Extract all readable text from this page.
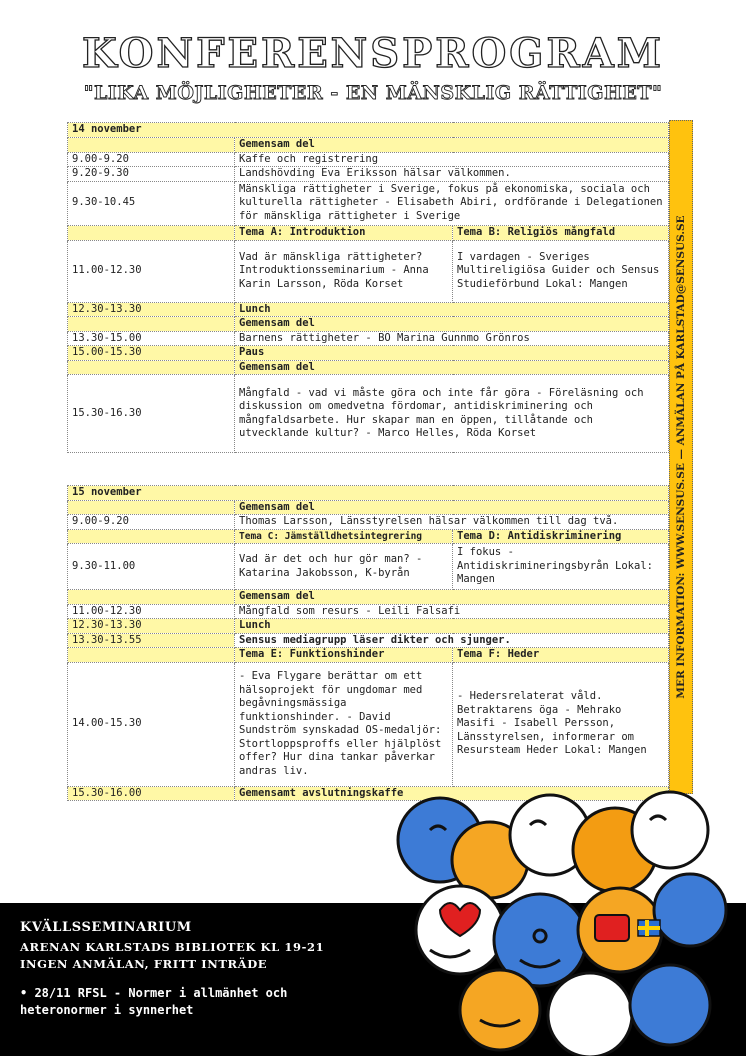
KONFERENSPROGRAM
"LIKA MÖJLIGHETER - EN MÄNSKLIG RÄTTIGHET"
MER INFORMATION: WWW.SENSUS.SE — ANMÄLAN PÅ KARLSTAD@SENSUS.SE
14 november		
	Gemensam del	
9.00-9.20	Kaffe och registrering	
9.20-9.30	Landshövding Eva Eriksson hälsar välkommen.	
9.30-10.45	Mänskliga rättigheter i Sverige, fokus på ekonomiska, sociala och kulturella rättigheter - Elisabeth Abiri, ordförande i Delegationen för mänskliga rättigheter i Sverige	
	Tema A: Introduktion	Tema B: Religiös mångfald
11.00-12.30	Vad är mänskliga rättigheter? Introduktionsseminarium - Anna Karin Larsson, Röda Korset	I vardagen - Sveriges Multireligiösa Guider och Sensus Studieförbund Lokal: Mangen
12.30-13.30	Lunch	
	Gemensam del	
13.30-15.00	Barnens rättigheter - BO Marina Gunnmo Grönros	
15.00-15.30	Paus	
	Gemensam del	
15.30-16.30	Mångfald - vad vi måste göra och inte får göra - Föreläsning och diskussion om omedvetna fördomar, antidiskriminering och mångfaldsarbete. Hur skapar man en öppen, tillåtande och utvecklande kultur? - Marco Helles, Röda Korset	
15 november		
	Gemensam del	
9.00-9.20	Thomas Larsson, Länsstyrelsen hälsar välkommen till dag två.	
	Tema C: Jämställdhetsintegrering	Tema D: Antidiskriminering
9.30-11.00	Vad är det och hur gör man? - Katarina Jakobsson, K-byrån	I fokus - Antidiskrimineringsbyrån Lokal: Mangen
	Gemensam del	
11.00-12.30	Mångfald som resurs - Leili Falsafi	
12.30-13.30	Lunch	
13.30-13.55	Sensus mediagrupp läser dikter och sjunger.	
	Tema E: Funktionshinder	Tema F: Heder
14.00-15.30	- Eva Flygare berättar om ett hälsoprojekt för ungdomar med begåvningsmässiga funktionshinder. - David Sundström synskadad OS-medaljör: Stortloppsproffs eller hjälplöst offer? Hur dina tankar påverkar andras liv.	- Hedersrelaterat våld. Betraktarens öga - Mehrako Masifi - Isabell Persson, Länsstyrelsen, informerar om Resursteam Heder Lokal: Mangen
15.30-16.00	Gemensamt avslutningskaffe	
KVÄLLSSEMINARIUM
ARENAN KARLSTADS BIBLIOTEK KL 19-21
INGEN ANMÄLAN, FRITT INTRÄDE
• 28/11 RFSL - Normer i allmänhet och heteronormer i synnerhet
